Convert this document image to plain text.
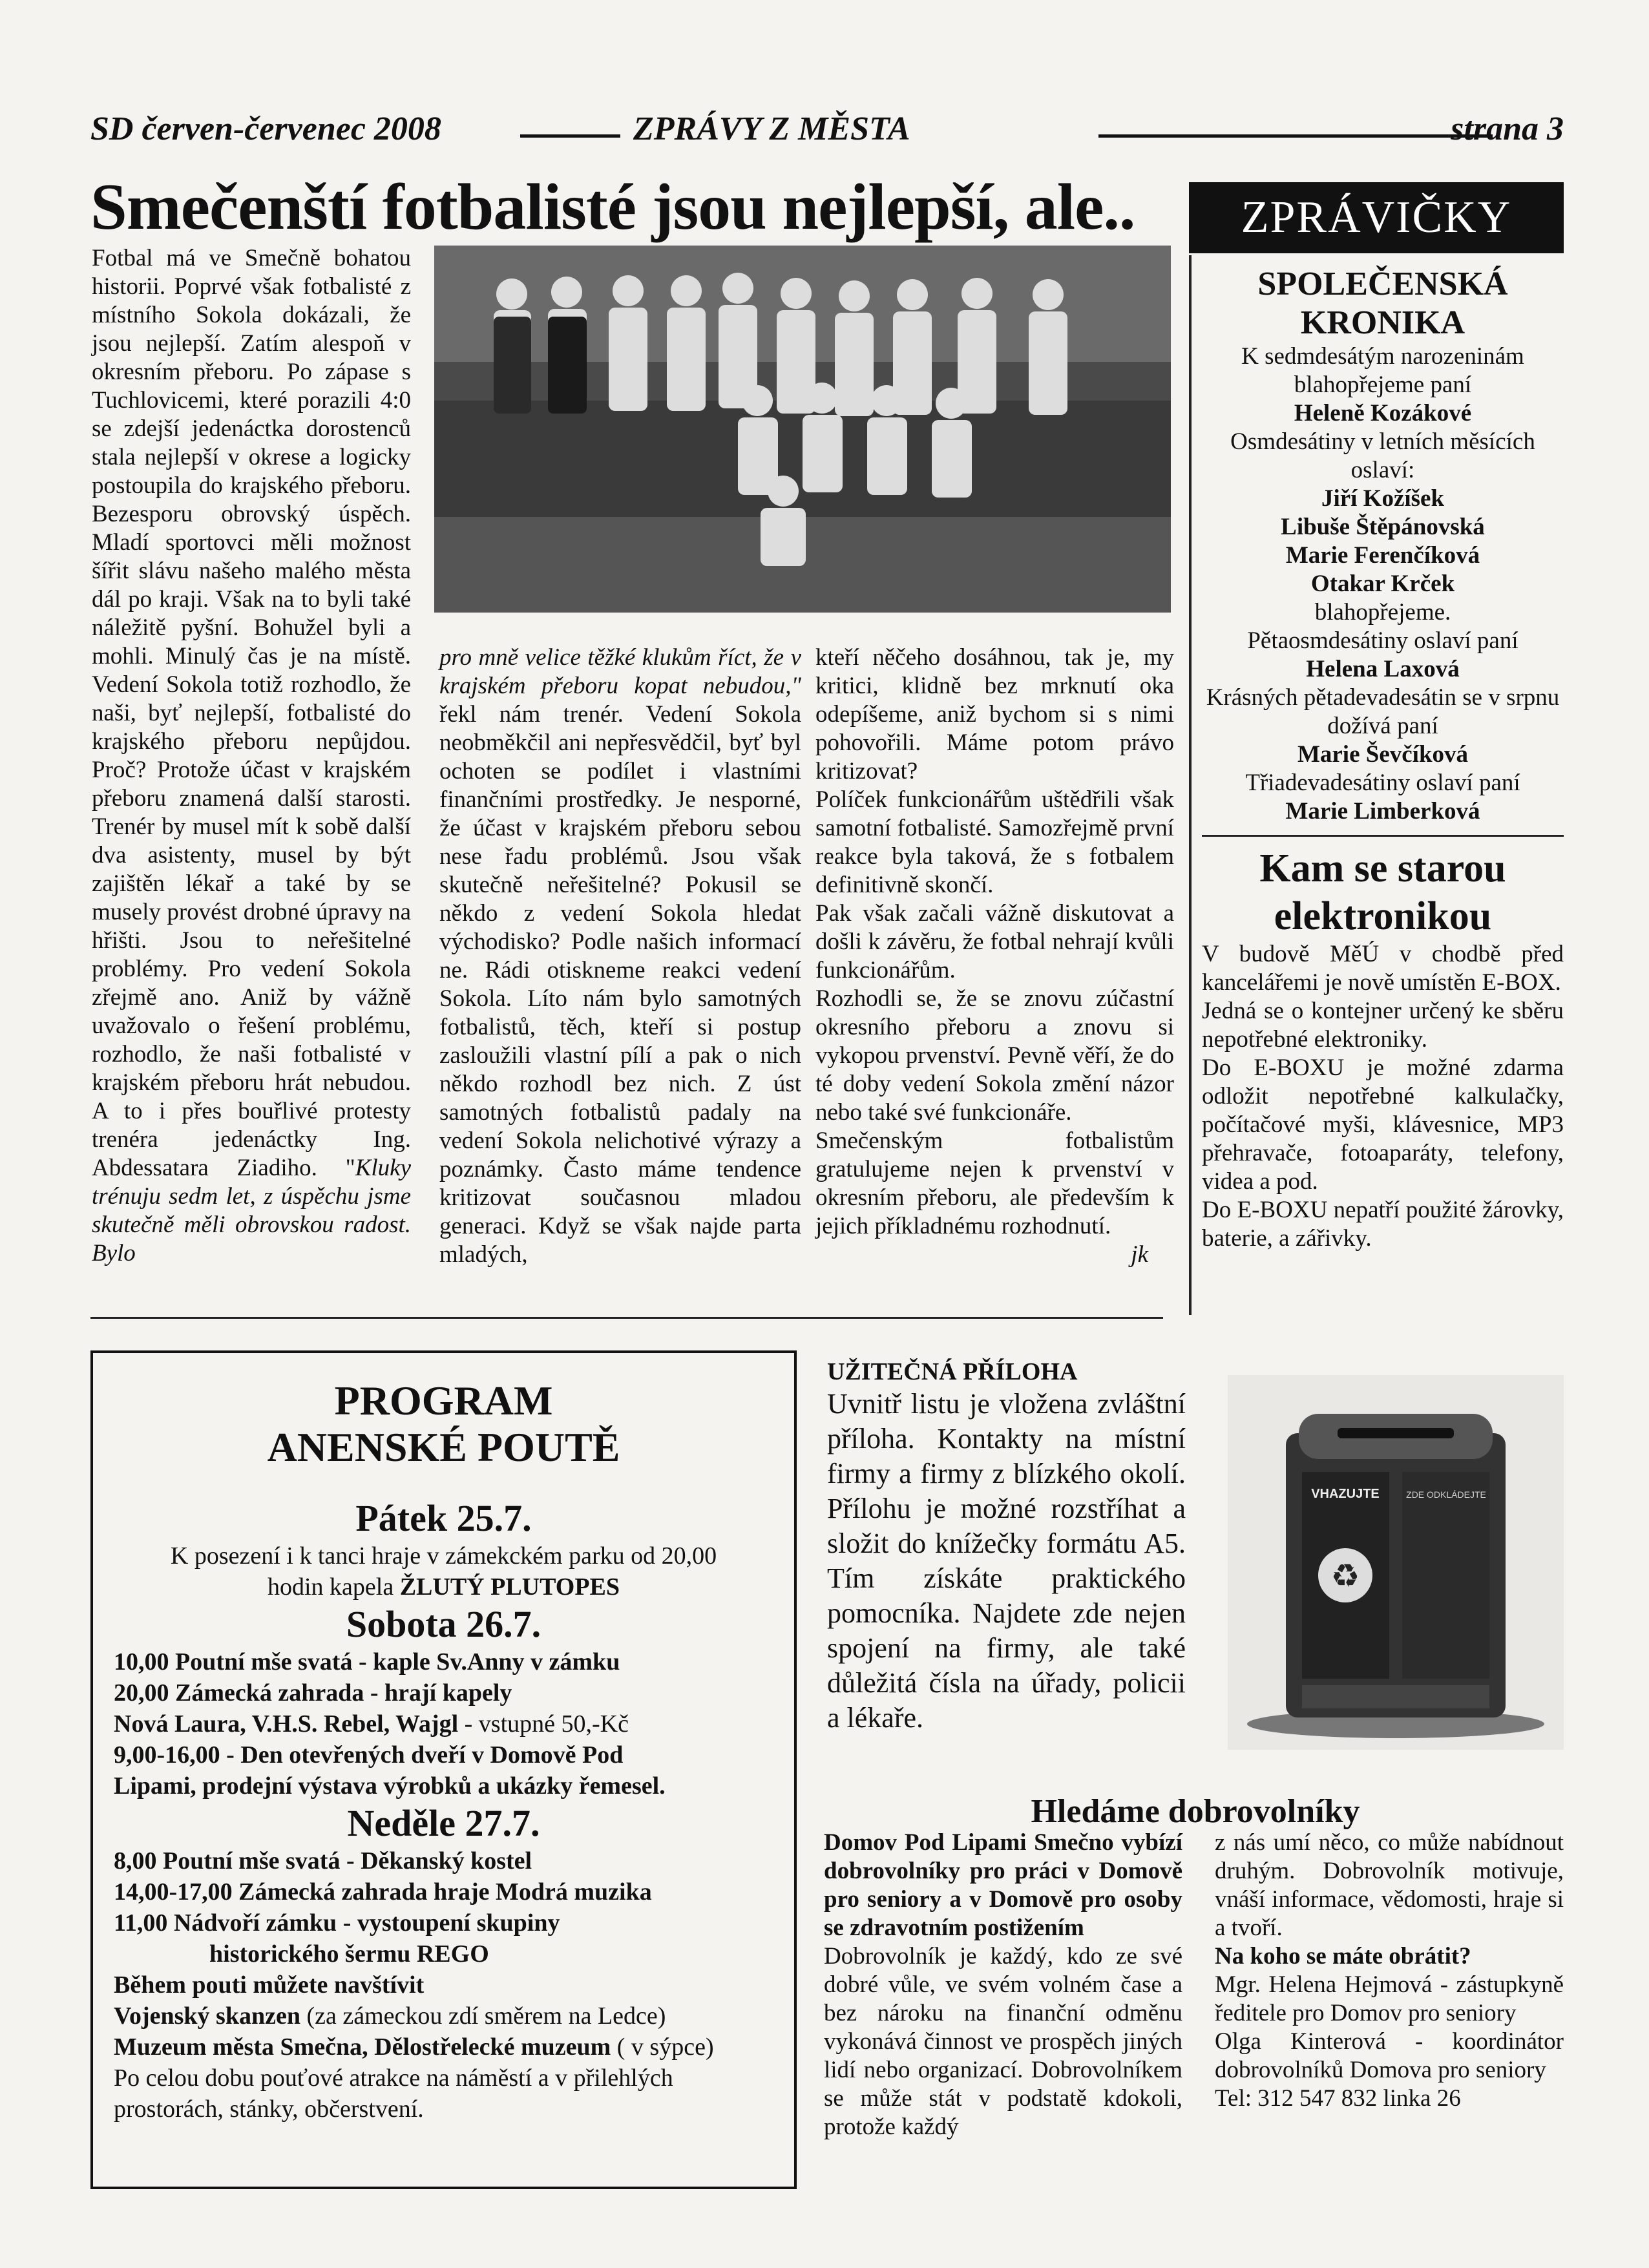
SD červen-červenec 2008	ZPRÁVY Z MĚSTA	strana 3
Smečenští fotbalisté jsou nejlepší, ale..	ZPRÁVIČKY

Fotbal má ve Smečně bohatou historii. Poprvé však fotbalisté z místního Sokola dokázali, že jsou nejlepší. Zatím alespoň v okresním přeboru. Po zápase s Tuchlovicemi, které porazili 4:0 se zdejší jedenáctka dorostenců stala nejlepší v okrese a logicky postoupila do krajského přeboru. Bezesporu obrovský úspěch. Mladí sportovci měli možnost šířit slávu našeho malého města dál po kraji. Však na to byli také náležitě pyšní. Bohužel byli a mohli. Minulý čas je na místě. Vedení Sokola totiž rozhodlo, že naši, byť nejlepší, fotbalisté do krajského přeboru nepůjdou. Proč? Protože účast v krajském přeboru znamená další starosti. Trenér by musel mít k sobě další dva asistenty, musel by být zajištěn lékař a také by se musely provést drobné úpravy na hřišti. Jsou to neřešitelné problémy. Pro vedení Sokola zřejmě ano. Aniž by vážně uvažovalo o řešení problému, rozhodlo, že naši fotbalisté v krajském přeboru hrát nebudou. A to i přes bouřlivé protesty trenéra jedenáctky Ing. Abdessatara Ziadiho. "Kluky trénuju sedm let, z úspěchu jsme skutečně měli obrovskou radost. Bylo

pro mně velice těžké klukům říct, že v krajském přeboru kopat nebudou," řekl nám trenér. Vedení Sokola neobměkčil ani nepřesvědčil, byť byl ochoten se podílet i vlastními finančními prostředky. Je nesporné, že účast v krajském přeboru sebou nese řadu problémů. Jsou však skutečně neřešitelné? Pokusil se někdo z vedení Sokola hledat východisko? Podle našich informací ne. Rádi otiskneme reakci vedení Sokola. Líto nám bylo samotných fotbalistů, těch, kteří si postup zasloužili vlastní pílí a pak o nich někdo rozhodl bez nich. Z úst samotných fotbalistů padaly na vedení Sokola nelichotivé výrazy a poznámky. Často máme tendence kritizovat současnou mladou generaci. Když se však najde parta mladých,

kteří něčeho dosáhnou, tak je, my kritici, klidně bez mrknutí oka odepíšeme, aniž bychom si s nimi pohovořili. Máme potom právo kritizovat?

Políček funkcionářům uštědřili však samotní fotbalisté. Samozřejmě první reakce byla taková, že s fotbalem definitivně skončí.

Pak však začali vážně diskutovat a došli k závěru, že fotbal nehrají kvůli funkcionářům.

Rozhodli se, že se znovu zúčastní okresního přeboru a znovu si vykopou prvenství. Pevně věří, že do té doby vedení Sokola změní názor nebo také své funkcionáře.

Smečenským fotbalistům gratulujeme nejen k prvenství v okresním přeboru, ale především k jejich příkladnému rozhodnutí.

jk

SPOLEČENSKÁ KRONIKA
K sedmdesátým narozeninám blahopřejeme paní
Heleně Kozákové
Osmdesátiny v letních měsících oslaví:
Jiří Kožíšek
Libuše Štěpánovská
Marie Ferenčíková
Otakar Krček
blahopřejeme.
Pětaosmdesátiny oslaví paní
Helena Laxová
Krásných pětadevadesátin se v srpnu dožívá paní
Marie Ševčíková
Třiadevadesátiny oslaví paní
Marie Limberková
Kam se starou elektronikou
V budově MěÚ v chodbě před kancelářemi je nově umístěn E-BOX.
Jedná se o kontejner určený ke sběru nepotřebné elektroniky.
Do E-BOXU je možné zdarma odložit nepotřebné kalkulačky, počítačové myši, klávesnice, MP3 přehravače, fotoaparáty, telefony, videa a pod.
Do E-BOXU nepatří použité žárovky, baterie, a zářivky.
PROGRAM
ANENSKÉ POUTĚ
Pátek 25.7.
K posezení i k tanci hraje v zámekckém parku od 20,00
hodin kapela ŽLUTÝ PLUTOPES
Sobota 26.7.
10,00 Poutní mše svatá - kaple Sv.Anny v zámku
20,00 Zámecká zahrada - hrají kapely
Nová Laura, V.H.S. Rebel, Wajgl - vstupné 50,-Kč
9,00-16,00 - Den otevřených dveří v Domově Pod
Lipami, prodejní výstava výrobků a ukázky řemesel.
Neděle 27.7.
8,00 Poutní mše svatá - Děkanský kostel
14,00-17,00 Zámecká zahrada hraje Modrá muzika
11,00 Nádvoří zámku - vystoupení skupiny
historického šermu REGO
Během pouti můžete navštívit
Vojenský skanzen (za zámeckou zdí směrem na Ledce)
Muzeum města Smečna, Dělostřelecké muzeum ( v sýpce)
Po celou dobu pouťové atrakce na náměstí a v přilehlých
prostorách, stánky, občerstvení.
UŽITEČNÁ PŘÍLOHA
Uvnitř listu je vložena zvláštní příloha. Kontakty na místní firmy a firmy z blízkého okolí. Přílohu je možné rozstříhat a složit do knížečky formátu A5. Tím získáte praktického pomocníka. Najdete zde nejen spojení na firmy, ale také důležitá čísla na úřady, policii a lékaře.
VHAZUJTE	ZDE ODKLÁDEJTE
♻
Hledáme dobrovolníky
Domov Pod Lipami Smečno vybízí dobrovolníky pro práci v Domově pro seniory a v Domově pro osoby se zdravotním postižením
Dobrovolník je každý, kdo ze své dobré vůle, ve svém volném čase a bez nároku na finanční odměnu vykonává činnost ve prospěch jiných lidí nebo organizací. Dobrovolníkem se může stát v podstatě kdokoli, protože každý
z nás umí něco, co může nabídnout druhým. Dobrovolník motivuje, vnáší informace, vědomosti, hraje si a tvoří.
Na koho se máte obrátit?
Mgr. Helena Hejmová - zástupkyně ředitele pro Domov pro seniory
Olga Kinterová - koordinátor dobrovolníků Domova pro seniory
Tel: 312 547 832 linka 26
